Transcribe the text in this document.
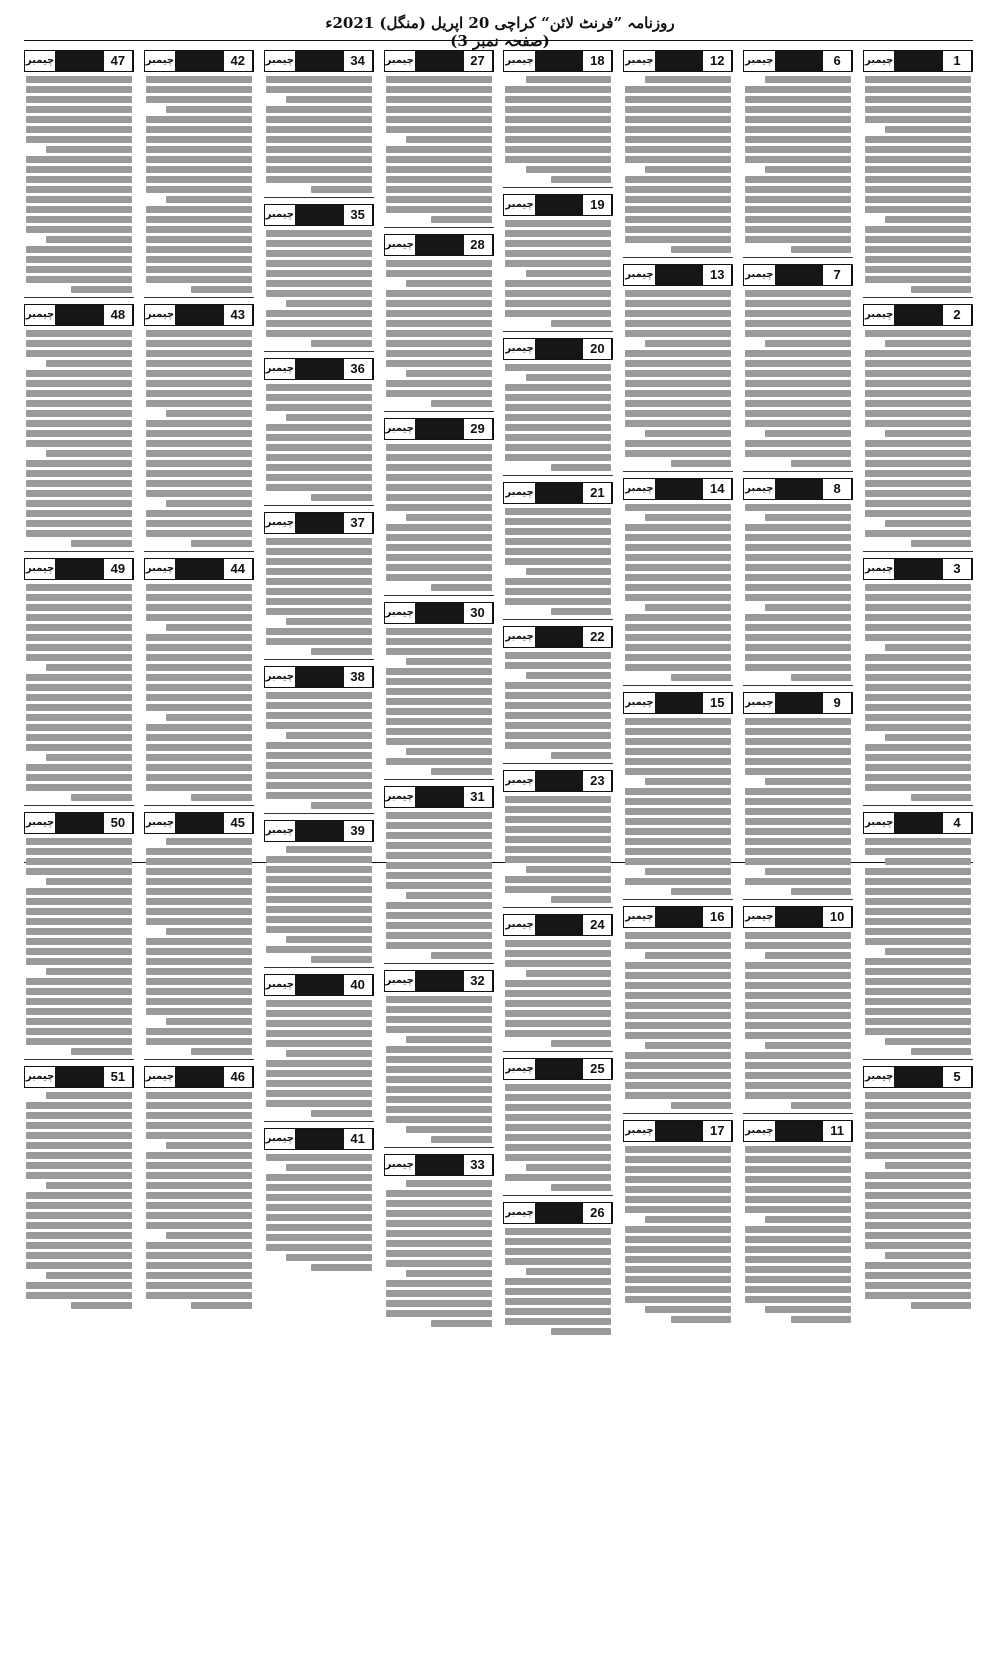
روزنامہ ”فرنٹ لائن“ کراچی 20 اپریل (منگل) 2021ء (صفحہ نمبر 3)
چیمبر	1
چیمبر	2
چیمبر	3
چیمبر	4
چیمبر	5
چیمبر	6
چیمبر	7
چیمبر	8
چیمبر	9
چیمبر	10
چیمبر	11
چیمبر	12
چیمبر	13
چیمبر	14
چیمبر	15
چیمبر	16
چیمبر	17
چیمبر	18
چیمبر	19
چیمبر	20
چیمبر	21
چیمبر	22
چیمبر	23
چیمبر	24
چیمبر	25
چیمبر	26
چیمبر	27
چیمبر	28
چیمبر	29
چیمبر	30
چیمبر	31
چیمبر	32
چیمبر	33
چیمبر	34
چیمبر	35
چیمبر	36
چیمبر	37
چیمبر	38
چیمبر	39
چیمبر	40
چیمبر	41
چیمبر	42
چیمبر	43
چیمبر	44
چیمبر	45
چیمبر	46
چیمبر	47
چیمبر	48
چیمبر	49
چیمبر	50
چیمبر	51
